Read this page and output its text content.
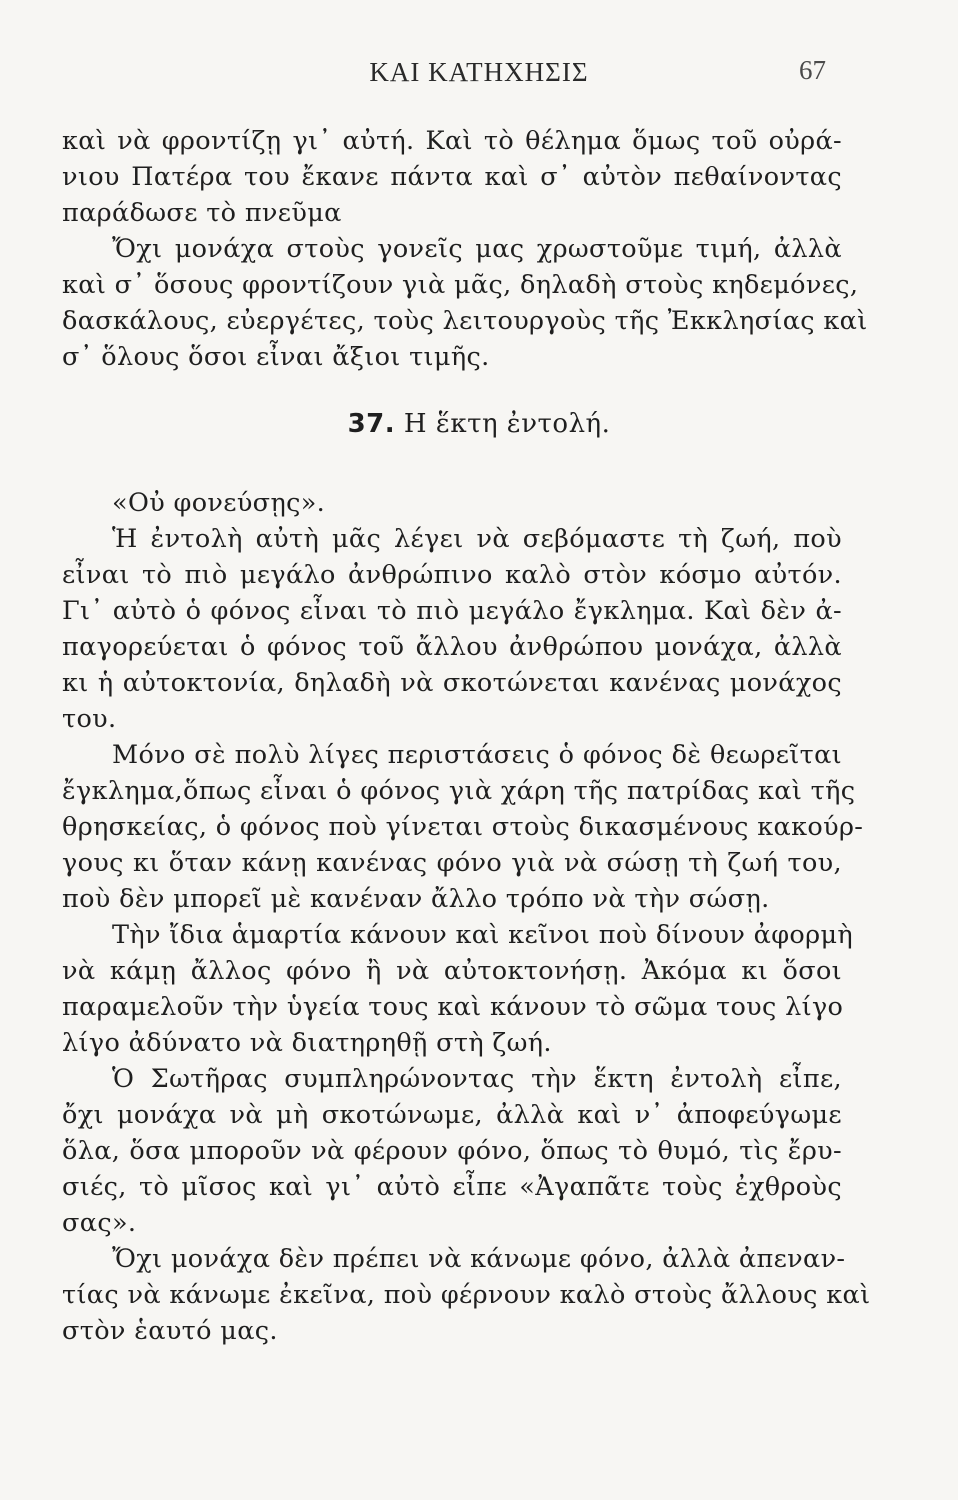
ΚΑΙ ΚΑΤΗΧΗΣΙΣ	67
καὶ νὰ φροντίζῃ γι᾽ αὐτή. Καὶ τὸ θέλημα ὅμως τοῦ οὐρά-
νιου Πατέρα του ἔκανε πάντα καὶ σ᾽ αὐτὸν πεθαίνοντας
παράδωσε τὸ πνεῦμα
Ὄχι μονάχα στοὺς γονεῖς μας χρωστοῦμε τιμή, ἀλλὰ
καὶ σ᾽ ὅσους φροντίζουν γιὰ μᾶς, δηλαδὴ στοὺς κηδεμόνες,
δασκάλους, εὐεργέτες, τοὺς λειτουργοὺς τῆς Ἐκκλησίας καὶ
σ᾽ ὅλους ὅσοι εἶναι ἄξιοι τιμῆς.
37. Η ἕκτη ἐντολή.
«Οὐ φονεύσῃς».
Ἡ ἐντολὴ αὐτὴ μᾶς λέγει νὰ σεβόμαστε τὴ ζωή, ποὺ
εἶναι τὸ πιὸ μεγάλο ἀνθρώπινο καλὸ στὸν κόσμο αὐτόν.
Γι᾽ αὐτὸ ὁ φόνος εἶναι τὸ πιὸ μεγάλο ἔγκλημα. Καὶ δὲν ἀ-
παγορεύεται ὁ φόνος τοῦ ἄλλου ἀνθρώπου μονάχα, ἀλλὰ
κι ἡ αὐτοκτονία, δηλαδὴ νὰ σκοτώνεται κανένας μονάχος
του.
Μόνο σὲ πολὺ λίγες περιστάσεις ὁ φόνος δὲ θεωρεῖται
ἔγκλημα,ὅπως εἶναι ὁ φόνος γιὰ χάρη τῆς πατρίδας καὶ τῆς
θρησκείας, ὁ φόνος ποὺ γίνεται στοὺς δικασμένους κακούρ-
γους κι ὅταν κάνῃ κανένας φόνο γιὰ νὰ σώσῃ τὴ ζωή του,
ποὺ δὲν μπορεῖ μὲ κανέναν ἄλλο τρόπο νὰ τὴν σώσῃ.
Τὴν ἴδια ἁμαρτία κάνουν καὶ κεῖνοι ποὺ δίνουν ἀφορμὴ
νὰ κάμῃ ἄλλος φόνο ἢ νὰ αὐτοκτονήσῃ. Ἀκόμα κι ὅσοι
παραμελοῦν τὴν ὑγεία τους καὶ κάνουν τὸ σῶμα τους λίγο
λίγο ἀδύνατο νὰ διατηρηθῇ στὴ ζωή.
Ὁ Σωτῆρας συμπληρώνοντας τὴν ἕκτη ἐντολὴ εἶπε,
ὄχι μονάχα νὰ μὴ σκοτώνωμε, ἀλλὰ καὶ ν᾽ ἀποφεύγωμε
ὅλα, ὅσα μποροῦν νὰ φέρουν φόνο, ὅπως τὸ θυμό, τὶς ἔρυ-
σιές, τὸ μῖσος καὶ γι᾽ αὐτὸ εἶπε «Ἀγαπᾶτε τοὺς ἐχθροὺς
σας».
Ὄχι μονάχα δὲν πρέπει νὰ κάνωμε φόνο, ἀλλὰ ἀπεναν-
τίας νὰ κάνωμε ἐκεῖνα, ποὺ φέρνουν καλὸ στοὺς ἄλλους καὶ
στὸν ἑαυτό μας.
